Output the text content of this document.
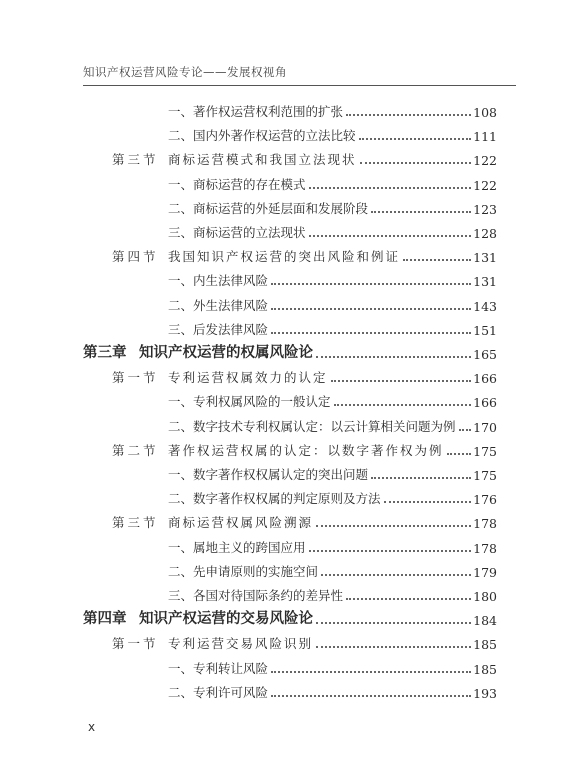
知识产权运营风险专论——发展权视角
一、著作权运营权利范围的扩张	108
二、国内外著作权运营的立法比较	111
第三节 商标运营模式和我国立法现状	122
一、商标运营的存在模式	122
二、商标运营的外延层面和发展阶段	123
三、商标运营的立法现状	128
第四节 我国知识产权运营的突出风险和例证	131
一、内生法律风险	131
二、外生法律风险	143
三、后发法律风险	151
第三章 知识产权运营的权属风险论	165
第一节 专利运营权属效力的认定	166
一、专利权属风险的一般认定	166
二、数字技术专利权属认定：以云计算相关问题为例 170
第二节 著作权运营权属的认定：以数字著作权为例 175
一、数字著作权权属认定的突出问题	175
二、数字著作权权属的判定原则及方法	176
第三节 商标运营权属风险溯源	178
一、属地主义的跨国应用	178
二、先申请原则的实施空间	179
三、各国对待国际条约的差异性	180
第四章 知识产权运营的交易风险论	184
第一节 专利运营交易风险识别	185
一、专利转让风险	185
二、专利许可风险	193
x
